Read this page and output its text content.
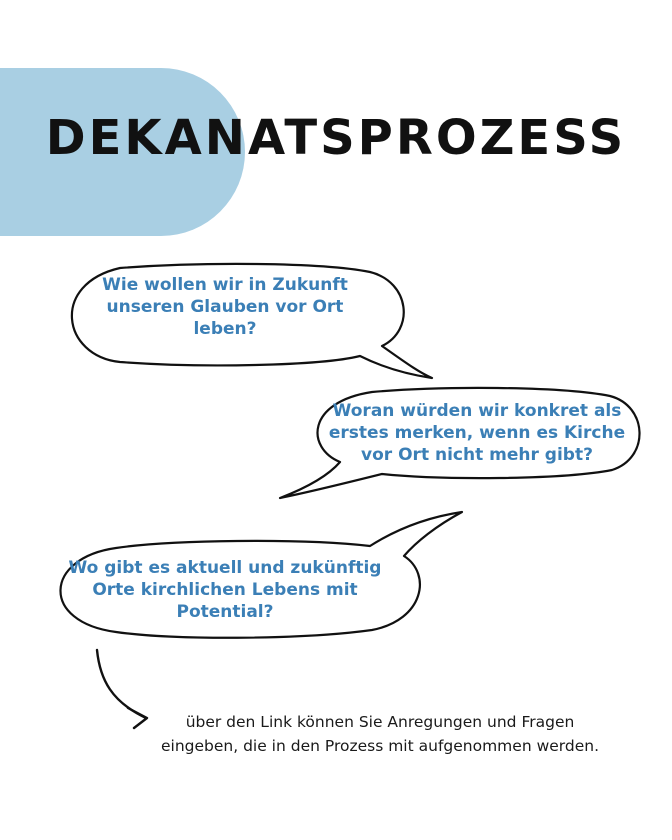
DEKANATSPROZESS

Wie wollen wir in Zukunft
unseren Glauben vor Ort
leben?

Woran würden wir konkret als
erstes merken, wenn es Kirche
vor Ort nicht mehr gibt?

Wo gibt es aktuell und zukünftig
Orte kirchlichen Lebens mit
Potential?

über den Link können Sie Anregungen und Fragen
eingeben, die in den Prozess mit aufgenommen werden.
